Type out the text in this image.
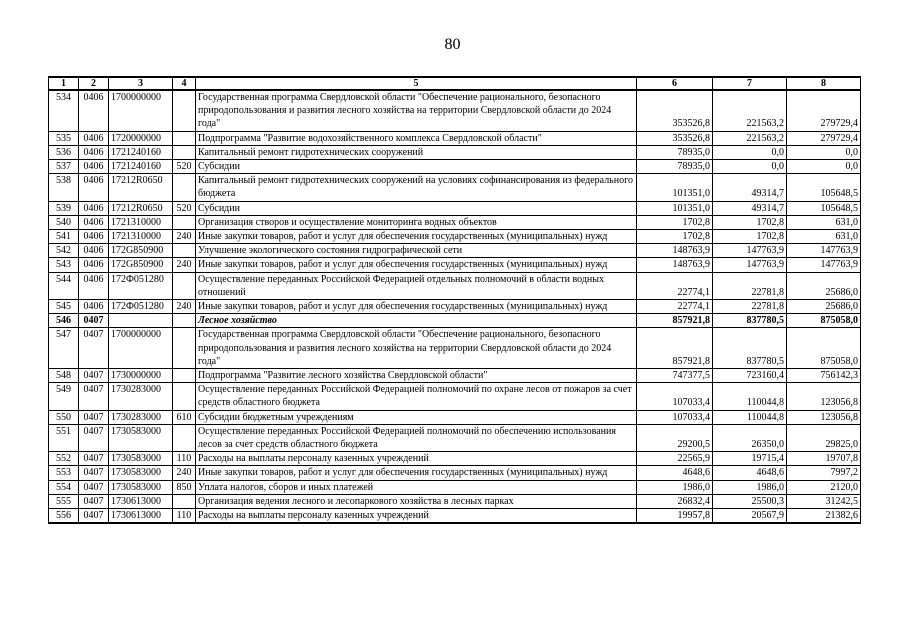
80
1	2	3	4	5	6	7	8
534	0406	1700000000		Государственная программа Свердловской области "Обеспечение рационального, безопасного природопользования и развития лесного хозяйства на территории Свердловской области до 2024 года"	353526,8	221563,2	279729,4
535	0406	1720000000		Подпрограмма "Развитие водохозяйственного комплекса Свердловской области"	353526,8	221563,2	279729,4
536	0406	1721240160		Капитальный ремонт гидротехнических сооружений	78935,0	0,0	0,0
537	0406	1721240160	520	Субсидии	78935,0	0,0	0,0
538	0406	17212R0650		Капитальный ремонт гидротехнических сооружений на условиях софинансирования из федерального бюджета	101351,0	49314,7	105648,5
539	0406	17212R0650	520	Субсидии	101351,0	49314,7	105648,5
540	0406	1721310000		Организация створов и осуществление мониторинга водных объектов	1702,8	1702,8	631,0
541	0406	1721310000	240	Иные закупки товаров, работ и услуг для обеспечения государственных (муниципальных) нужд	1702,8	1702,8	631,0
542	0406	172G850900		Улучшение экологического состояния гидрографической сети	148763,9	147763,9	147763,9
543	0406	172G850900	240	Иные закупки товаров, работ и услуг для обеспечения государственных (муниципальных) нужд	148763,9	147763,9	147763,9
544	0406	172Ф051280		Осуществление переданных Российской Федерацией отдельных полномочий в области водных отношений	22774,1	22781,8	25686,0
545	0406	172Ф051280	240	Иные закупки товаров, работ и услуг для обеспечения государственных (муниципальных) нужд	22774,1	22781,8	25686,0
546	0407			Лесное хозяйство	857921,8	837780,5	875058,0
547	0407	1700000000		Государственная программа Свердловской области "Обеспечение рационального, безопасного природопользования и развития лесного хозяйства на территории Свердловской области до 2024 года"	857921,8	837780,5	875058,0
548	0407	1730000000		Подпрограмма "Развитие лесного хозяйства Свердловской области"	747377,5	723160,4	756142,3
549	0407	1730283000		Осуществление переданных Российской Федерацией полномочий по охране лесов от пожаров за счет средств областного бюджета	107033,4	110044,8	123056,8
550	0407	1730283000	610	Субсидии бюджетным учреждениям	107033,4	110044,8	123056,8
551	0407	1730583000		Осуществление переданных Российской Федерацией полномочий по обеспечению использования лесов за счет средств областного бюджета	29200,5	26350,0	29825,0
552	0407	1730583000	110	Расходы на выплаты персоналу казенных учреждений	22565,9	19715,4	19707,8
553	0407	1730583000	240	Иные закупки товаров, работ и услуг для обеспечения государственных (муниципальных) нужд	4648,6	4648,6	7997,2
554	0407	1730583000	850	Уплата налогов, сборов и иных платежей	1986,0	1986,0	2120,0
555	0407	1730613000		Организация ведения лесного и лесопаркового хозяйства в лесных парках	26832,4	25500,3	31242,5
556	0407	1730613000	110	Расходы на выплаты персоналу казенных учреждений	19957,8	20567,9	21382,6
